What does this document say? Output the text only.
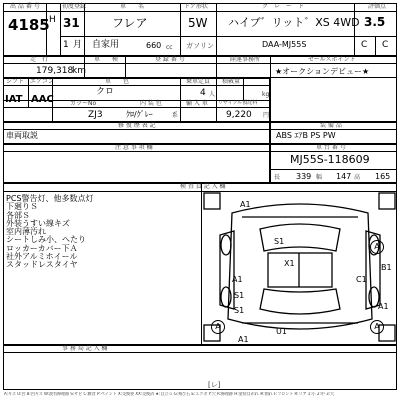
出 品 番 号
4185
初度登録
H 31
1 月
車　　名
フレア
ドア形状
5W
グ　レ　ー　ド
ハイブ゛リット゛XS 4WD
評価点
3.5
自家用	660 cc ガソリン	DAA-MJ55S	C C
走　行
179,318
km
車　　検	登 録 番 号	陸運事務所	セールスポイント
★オークションデビュー★
シフト エアコン	車　　色	乗車定員 積載量
IAT AAC
クロ	4 人	kg
カラーNo	内 装 色	輸 入 車 リサイクル預託料
ZJ3	ｸﾛ/ｸﾞﾚｰ	系	9,220 円
修 復 歴 表 記
車両取説
装 備 品
ABS ｴｱB PS PW
注 意 事 項 欄	車 台 番 号
MJ55S-118609
長 339 幅 147 高 165
検 査 員 記 入 欄
PCS警告灯、他多数点灯
下廻りＳ
各部Ｓ
外装うすい線キズ
室内薄汚れ
シートしみ小、へたり
ロッカーカバー下Ａ
社外アルミホイール
スタッドレスタイヤ
A1
S1
X1
A
B1
A1	C1
S1
S1	A1
A
U1
A
A1
事 務 局 記 入 欄
[レ]
A:キズ U:凹 B:凹キズ W:波有修理跡 S:サビ C:腐食 P:ペイント X:交換要 XX:交換済 ★:目立つ G:飛び石 E:エクボ Y:穴 R:修理跡 H:塗装はがれ ※:割れ F:フロント R:リア 1:小 2:中 3:大
